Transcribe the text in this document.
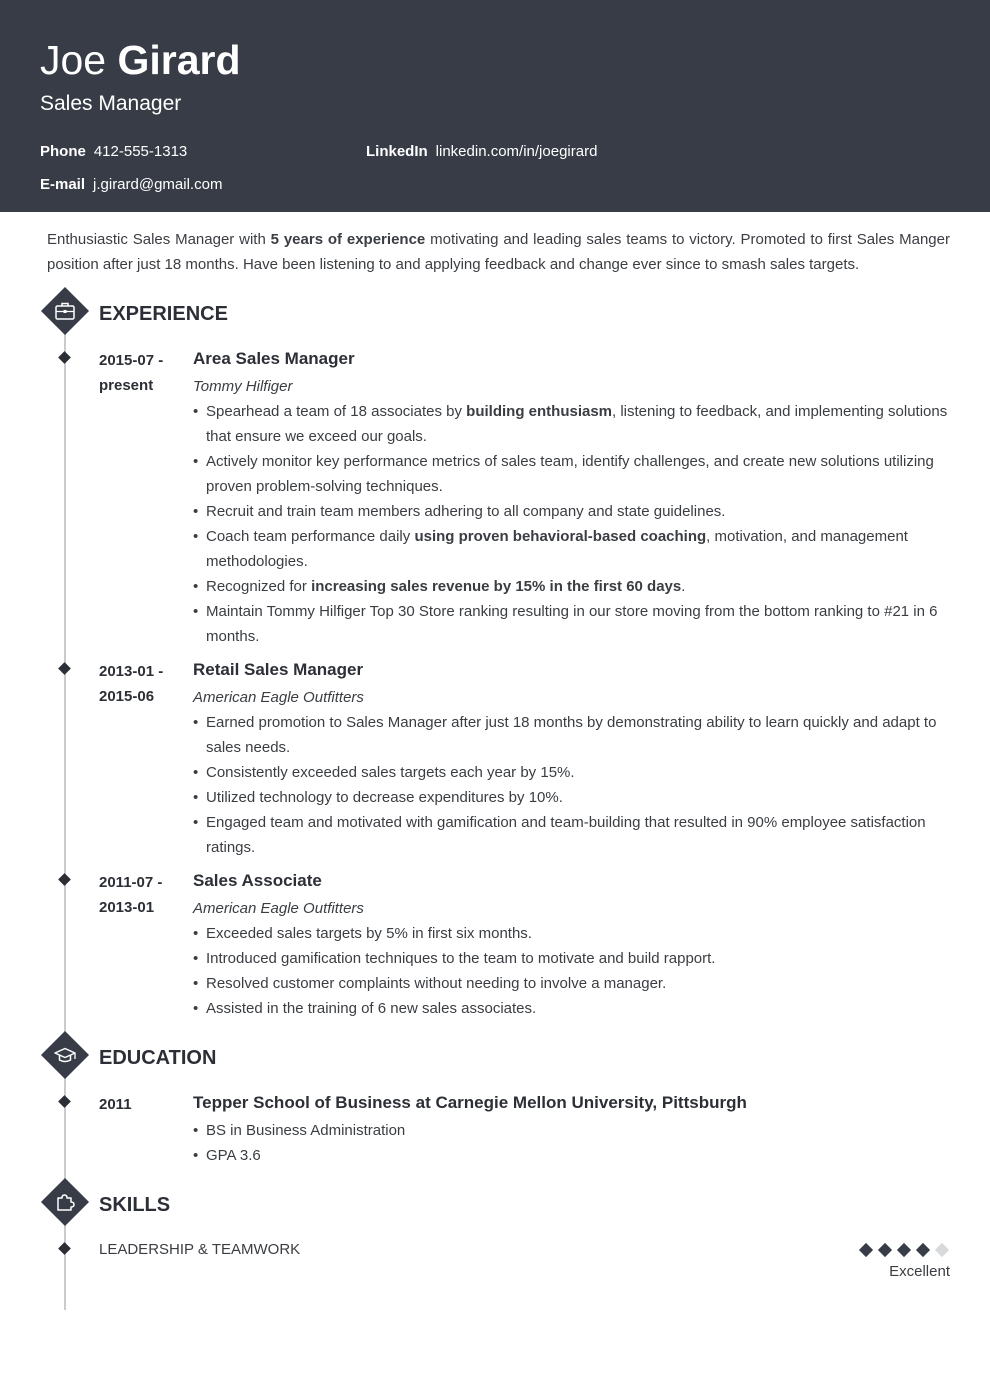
Joe Girard
Sales Manager
Phone 412-555-1313	LinkedIn linkedin.com/in/joegirard
E-mail j.girard@gmail.com
Enthusiastic Sales Manager with 5 years of experience motivating and leading sales teams to victory. Promoted to first Sales Manger position after just 18 months. Have been listening to and applying feedback and change ever since to smash sales targets.
EXPERIENCE
2015-07 -
present
Area Sales Manager
Tommy Hilfiger
• Spearhead a team of 18 associates by building enthusiasm, listening to feedback, and implementing solutions that ensure we exceed our goals.
• Actively monitor key performance metrics of sales team, identify challenges, and create new solutions utilizing proven problem-solving techniques.
• Recruit and train team members adhering to all company and state guidelines.
• Coach team performance daily using proven behavioral-based coaching, motivation, and management methodologies.
• Recognized for increasing sales revenue by 15% in the first 60 days.
• Maintain Tommy Hilfiger Top 30 Store ranking resulting in our store moving from the bottom ranking to #21 in 6 months.
2013-01 -
2015-06
Retail Sales Manager
American Eagle Outfitters
• Earned promotion to Sales Manager after just 18 months by demonstrating ability to learn quickly and adapt to sales needs.
• Consistently exceeded sales targets each year by 15%.
• Utilized technology to decrease expenditures by 10%.
• Engaged team and motivated with gamification and team-building that resulted in 90% employee satisfaction ratings.
2011-07 -
2013-01
Sales Associate
American Eagle Outfitters
• Exceeded sales targets by 5% in first six months.
• Introduced gamification techniques to the team to motivate and build rapport.
• Resolved customer complaints without needing to involve a manager.
• Assisted in the training of 6 new sales associates.
EDUCATION
2011	Tepper School of Business at Carnegie Mellon University, Pittsburgh
• BS in Business Administration
• GPA 3.6
SKILLS
LEADERSHIP & TEAMWORK
Excellent
